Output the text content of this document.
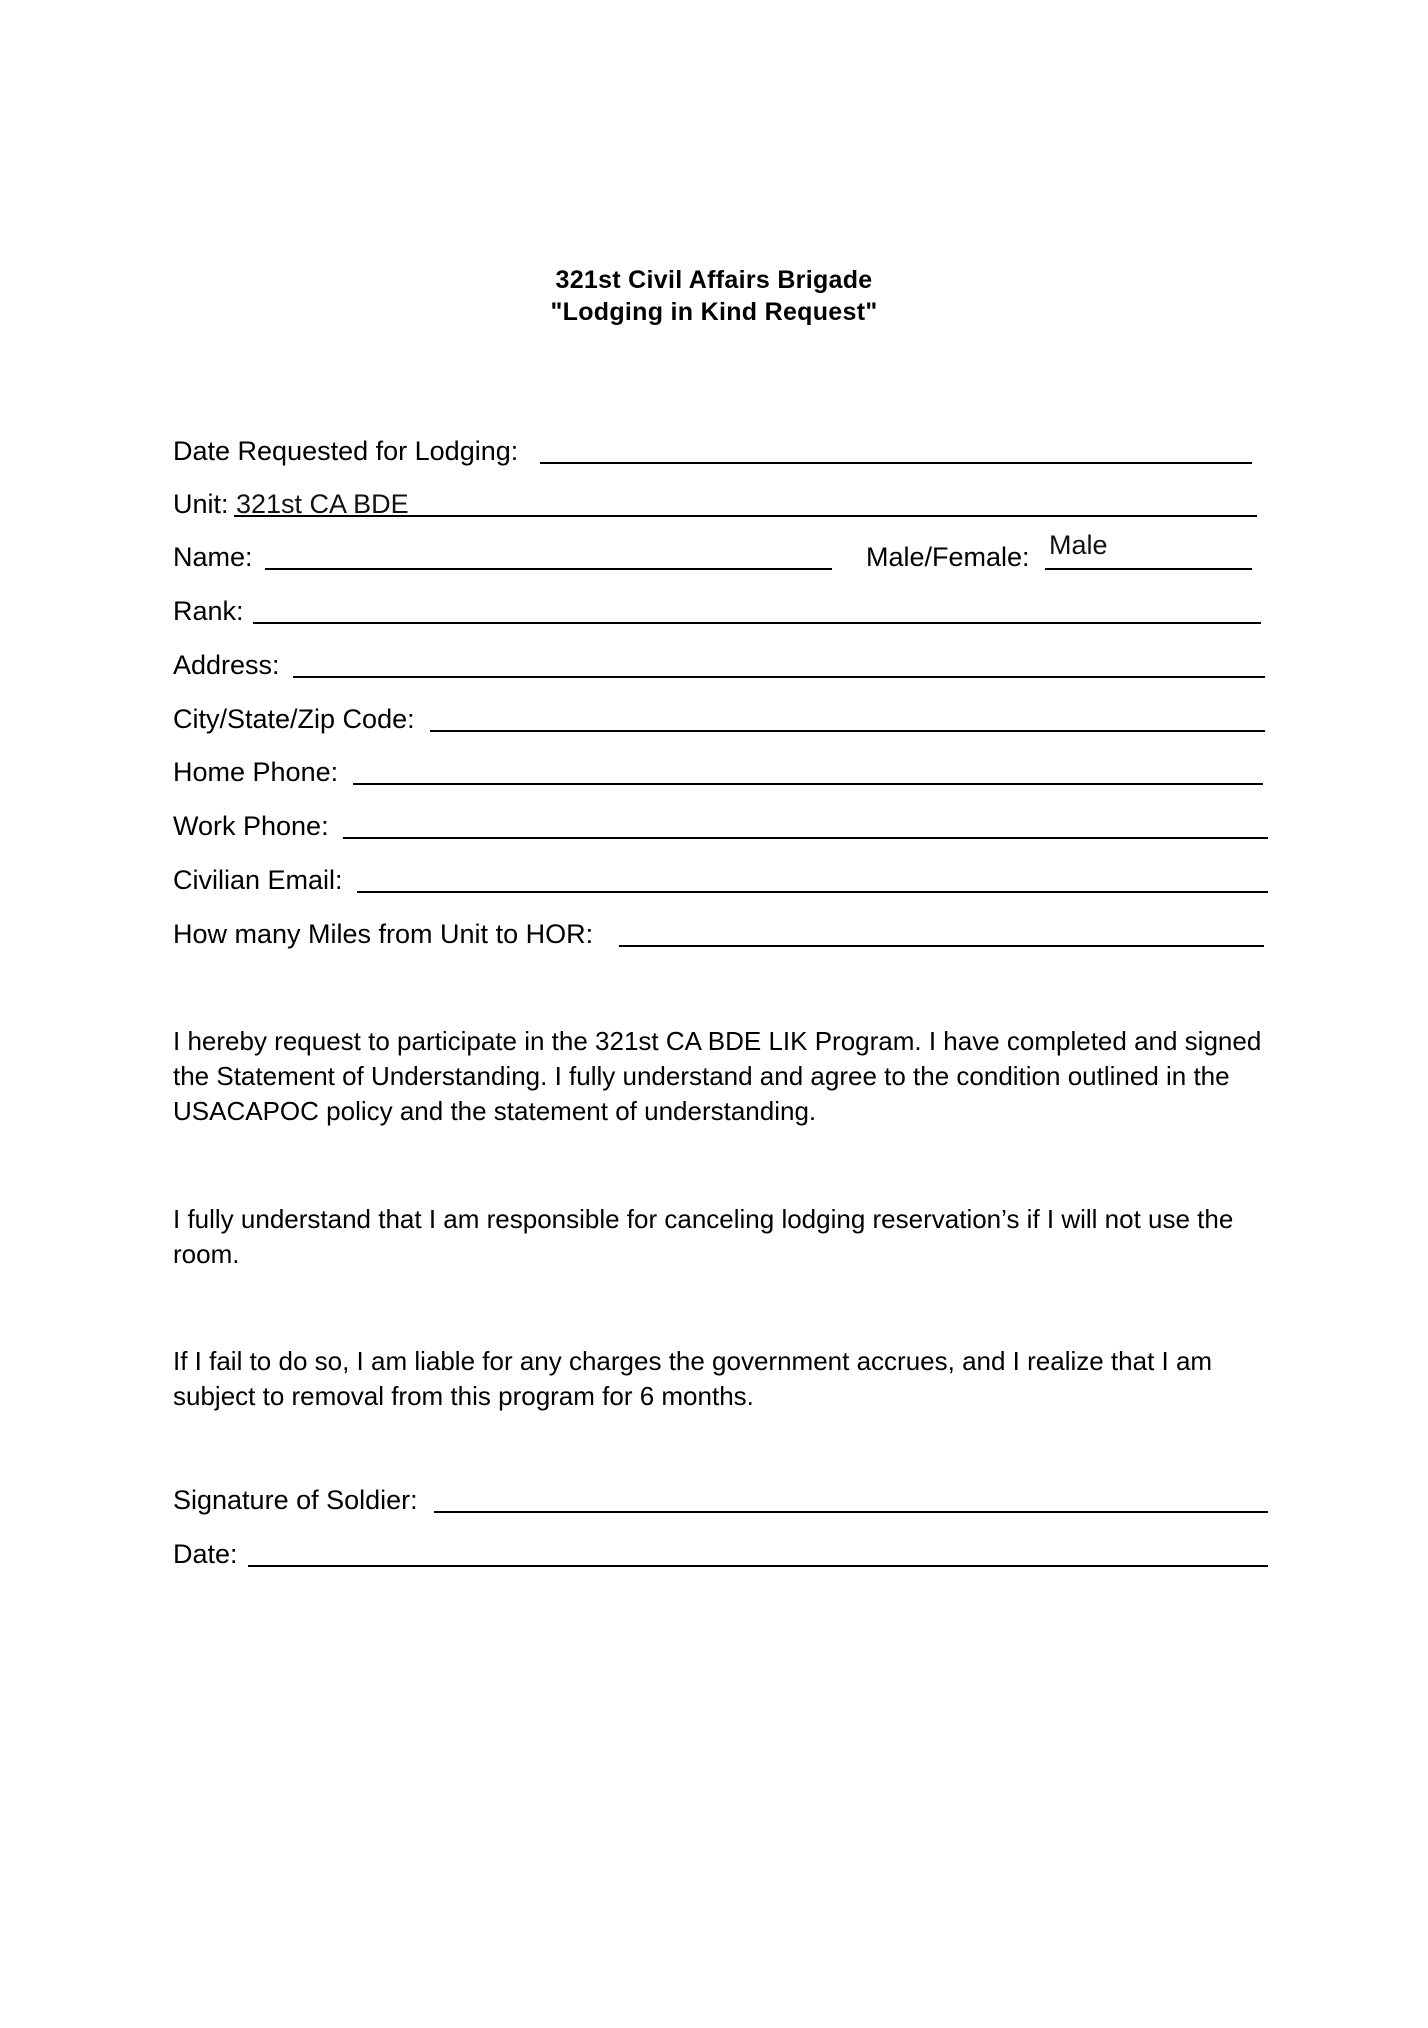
321st Civil Affairs Brigade
"Lodging in Kind Request"
Date Requested for Lodging:
Unit: 321st CA BDE
Name:	Male/Female: Male
Rank:
Address:
City/State/Zip Code:
Home Phone:
Work Phone:
Civilian Email:
How many Miles from Unit to HOR:

I hereby request to participate in the 321st CA BDE LIK Program. I have completed and signed the Statement of Understanding. I fully understand and agree to the condition outlined in the USACAPOC policy and the statement of understanding.

I fully understand that I am responsible for canceling lodging reservation’s if I will not use the room.

If I fail to do so, I am liable for any charges the government accrues, and I realize that I am subject to removal from this program for 6 months.

Signature of Soldier:
Date:
